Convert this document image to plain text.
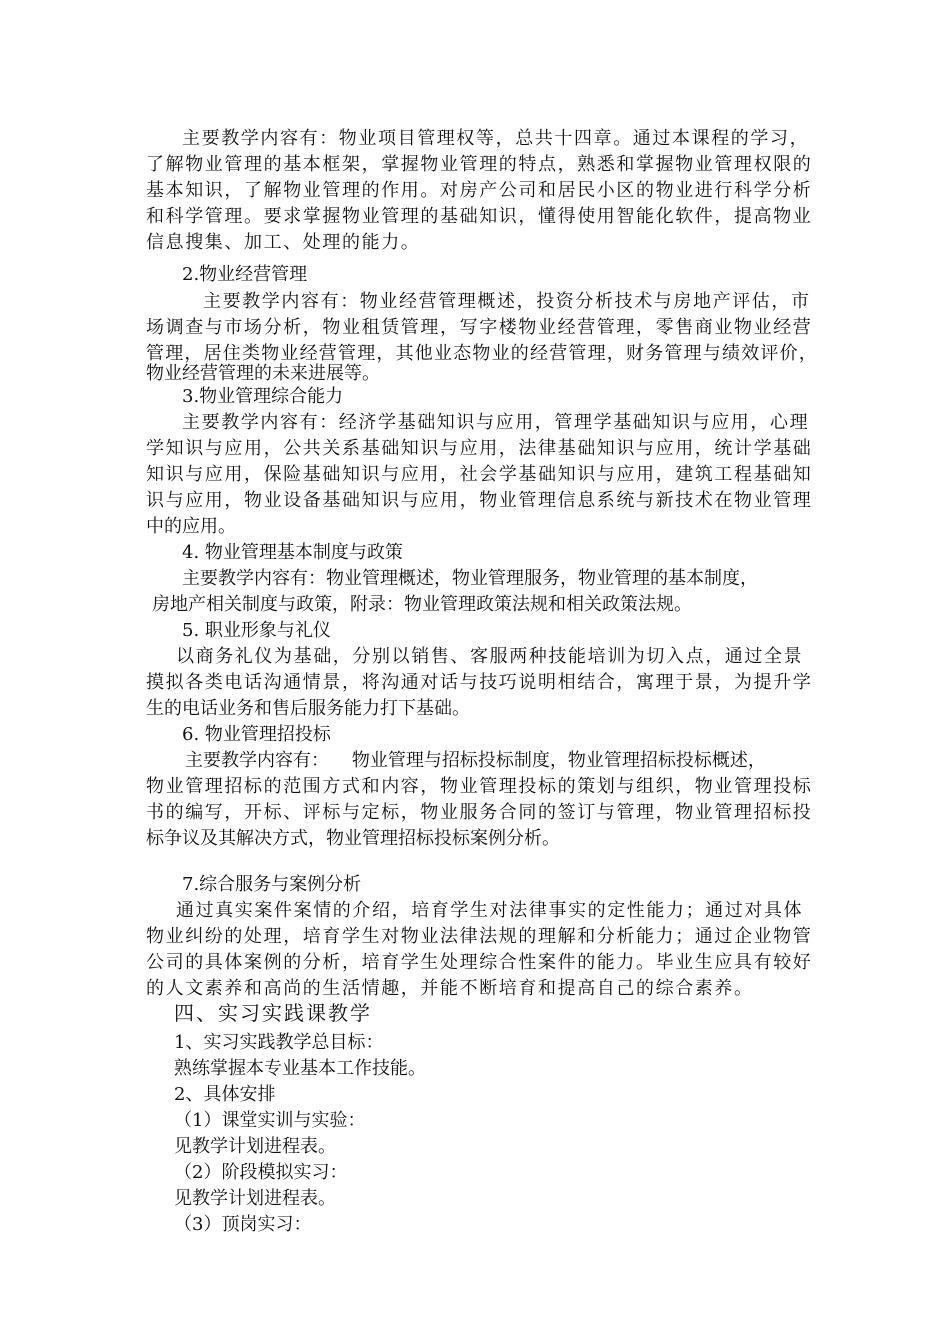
主要教学内容有：物业项目管理权等，总共十四章。通过本课程的学习，
了解物业管理的基本框架，掌握物业管理的特点，熟悉和掌握物业管理权限的
基本知识，了解物业管理的作用。对房产公司和居民小区的物业进行科学分析
和科学管理。要求掌握物业管理的基础知识，懂得使用智能化软件，提高物业
信息搜集、加工、处理的能力。
2.物业经营管理
主要教学内容有：物业经营管理概述，投资分析技术与房地产评估，市
场调查与市场分析，物业租赁管理，写字楼物业经营管理，零售商业物业经营
管理，居住类物业经营管理，其他业态物业的经营管理，财务管理与绩效评价，
物业经营管理的未来进展等。
3.物业管理综合能力
主要教学内容有：经济学基础知识与应用，管理学基础知识与应用，心理
学知识与应用，公共关系基础知识与应用，法律基础知识与应用，统计学基础
知识与应用，保险基础知识与应用，社会学基础知识与应用，建筑工程基础知
识与应用，物业设备基础知识与应用，物业管理信息系统与新技术在物业管理
中的应用。
4. 物业管理基本制度与政策
主要教学内容有：物业管理概述，物业管理服务，物业管理的基本制度，
房地产相关制度与政策，附录：物业管理政策法规和相关政策法规。
5. 职业形象与礼仪
以商务礼仪为基础，分别以销售、客服两种技能培训为切入点，通过全景
摸拟各类电话沟通情景，将沟通对话与技巧说明相结合，寓理于景，为提升学
生的电话业务和售后服务能力打下基础。
6. 物业管理招投标
主要教学内容有：    物业管理与招标投标制度，物业管理招标投标概述，
物业管理招标的范围方式和内容，物业管理投标的策划与组织，物业管理投标
书的编写，开标、评标与定标，物业服务合同的签订与管理，物业管理招标投
标争议及其解决方式，物业管理招标投标案例分析。
7.综合服务与案例分析
通过真实案件案情的介绍，培育学生对法律事实的定性能力；通过对具体
物业纠纷的处理，培育学生对物业法律法规的理解和分析能力；通过企业物管
公司的具体案例的分析，培育学生处理综合性案件的能力。毕业生应具有较好
的人文素养和高尚的生活情趣，并能不断培育和提高自己的综合素养。
四、实习实践课教学
1、实习实践教学总目标：
熟练掌握本专业基本工作技能。
2、具体安排
（1）课堂实训与实验：
见教学计划进程表。
（2）阶段模拟实习：
见教学计划进程表。
（3）顶岗实习：
